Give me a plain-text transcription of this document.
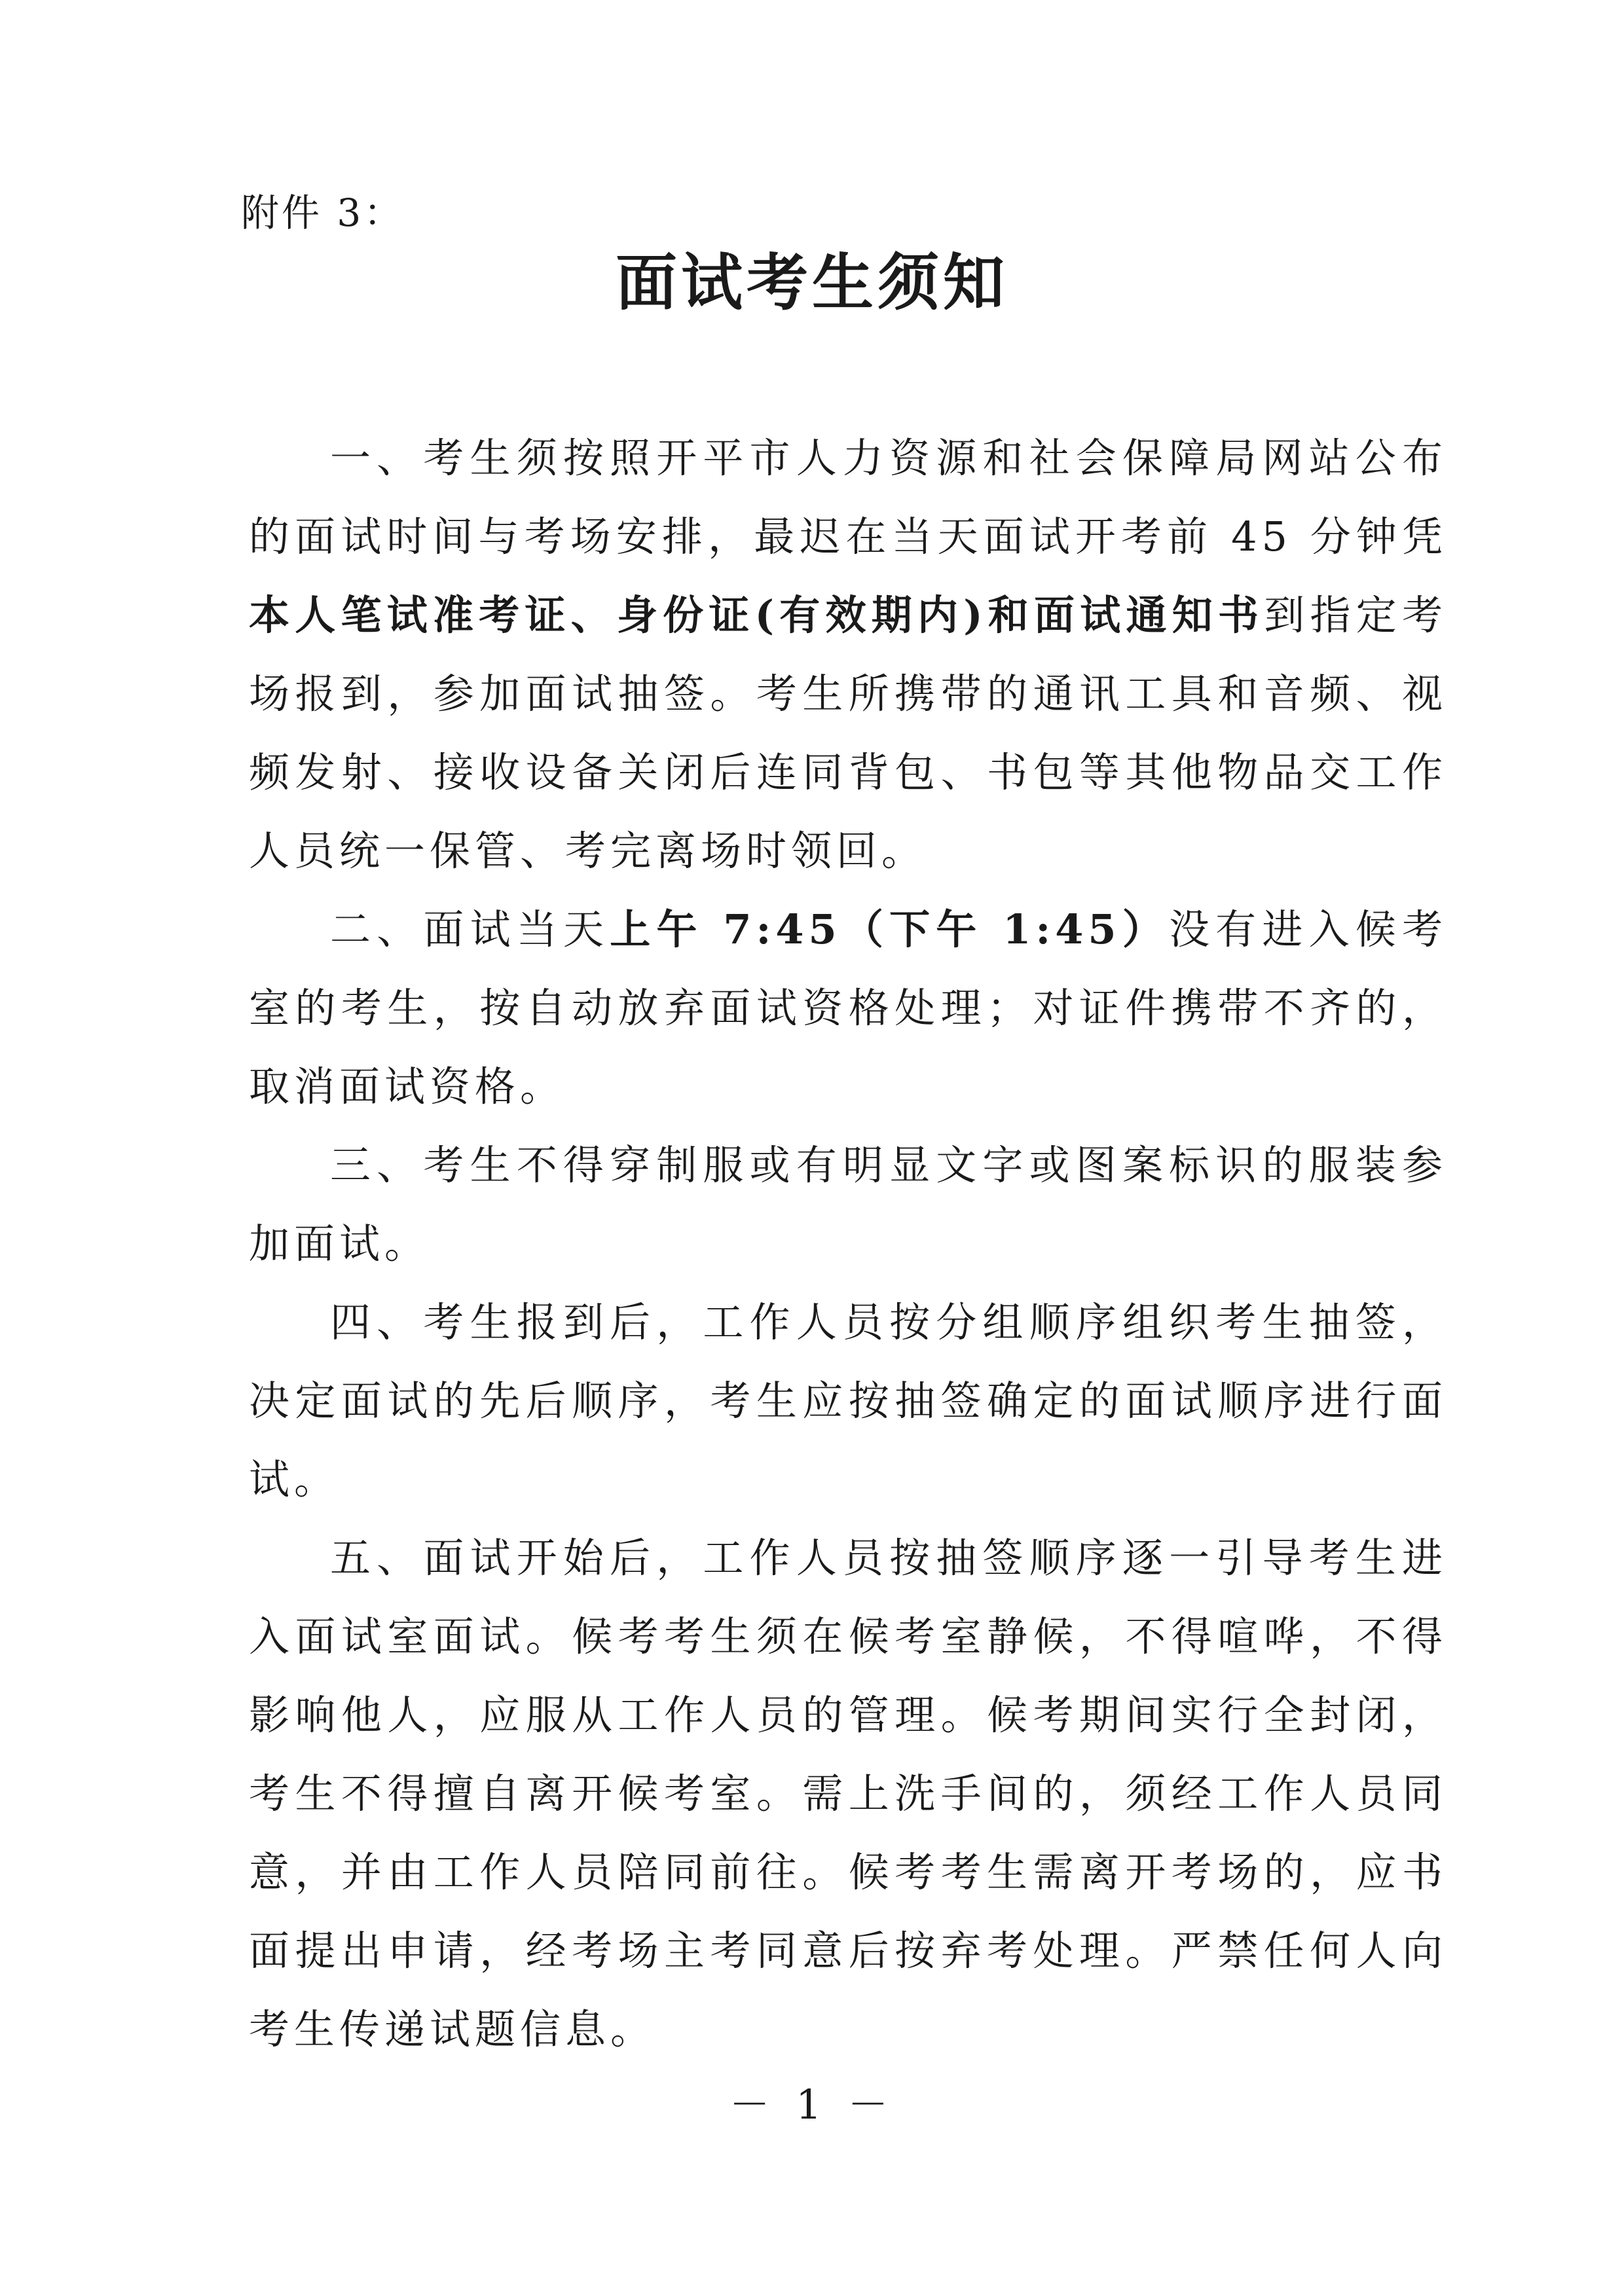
附件 3：
面试考生须知

一、考生须按照开平市人力资源和社会保障局网站公布的面试时间与考场安排，最迟在当天面试开考前 45 分钟凭本人笔试准考证、身份证(有效期内)和面试通知书到指定考场报到，参加面试抽签。考生所携带的通讯工具和音频、视频发射、接收设备关闭后连同背包、书包等其他物品交工作人员统一保管、考完离场时领回。

二、面试当天上午 7:45（下午 1:45）没有进入候考室的考生，按自动放弃面试资格处理；对证件携带不齐的，取消面试资格。

三、考生不得穿制服或有明显文字或图案标识的服装参加面试。

四、考生报到后，工作人员按分组顺序组织考生抽签，决定面试的先后顺序，考生应按抽签确定的面试顺序进行面试。

五、面试开始后，工作人员按抽签顺序逐一引导考生进入面试室面试。候考考生须在候考室静候，不得喧哗，不得影响他人，应服从工作人员的管理。候考期间实行全封闭，考生不得擅自离开候考室。需上洗手间的，须经工作人员同意，并由工作人员陪同前往。候考考生需离开考场的，应书面提出申请，经考场主考同意后按弃考处理。严禁任何人向考生传递试题信息。

－ 1 －
